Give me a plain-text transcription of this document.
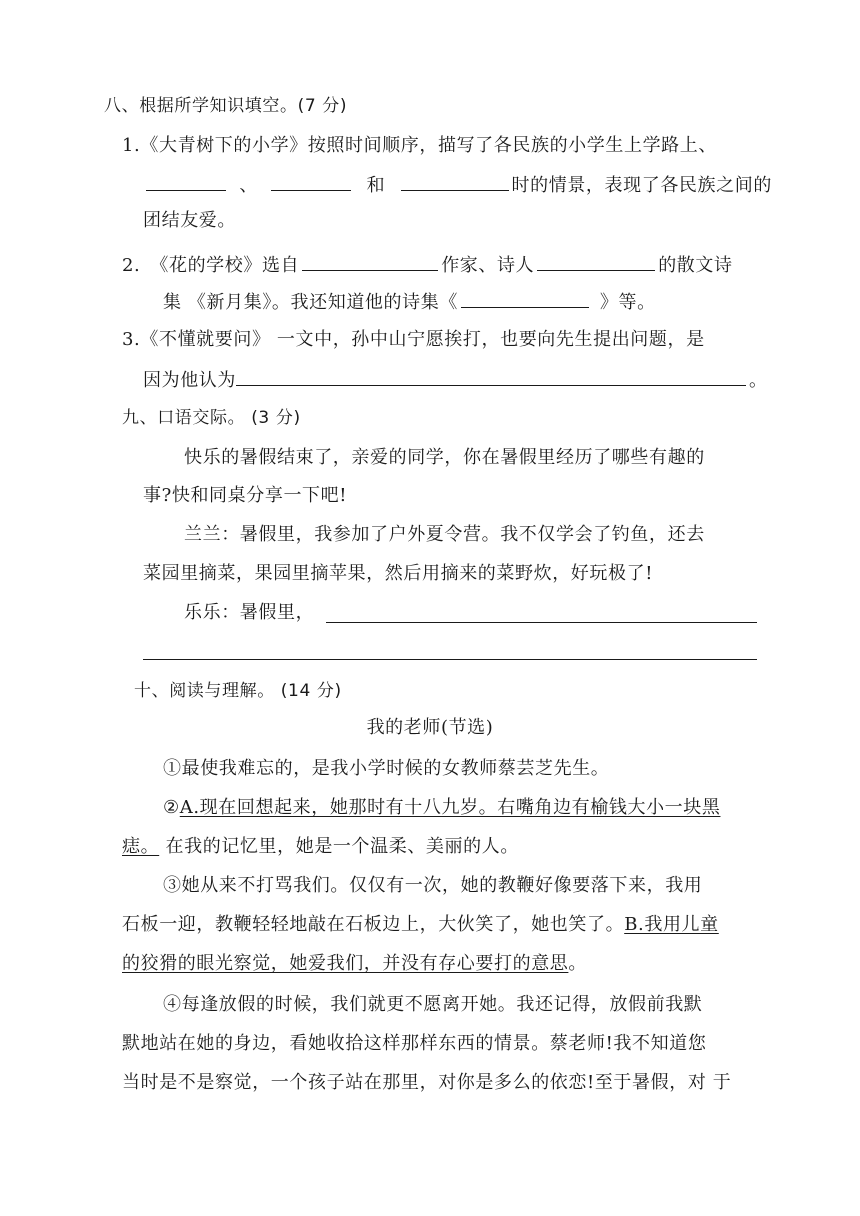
八、根据所学知识填空。(7 分)
1.《大青树下的小学》按照时间顺序，描写了各民族的小学生上学路上、
、	和	时的情景，表现了各民族之间的
团结友爱。
2. 《花的学校》选自	作家、诗人	的散文诗
集 《新月集》。我还知道他的诗集《	》等。
3.《不懂就要问》 一文中，孙中山宁愿挨打，也要向先生提出问题，是
因为他认为	。
九、口语交际。 (3 分)
快乐的暑假结束了，亲爱的同学，你在暑假里经历了哪些有趣的
事?快和同桌分享一下吧!
兰兰：暑假里，我参加了户外夏令营。我不仅学会了钓鱼，还去
菜园里摘菜，果园里摘苹果，然后用摘来的菜野炊，好玩极了!
乐乐：暑假里，
十、阅读与理解。 (14 分)
我的老师(节选)
①最使我难忘的，是我小学时候的女教师蔡芸芝先生。
②A.现在回想起来，她那时有十八九岁。右嘴角边有榆钱大小一块黑
痣。 在我的记忆里，她是一个温柔、美丽的人。
③她从来不打骂我们。仅仅有一次，她的教鞭好像要落下来，我用
石板一迎，教鞭轻轻地敲在石板边上，大伙笑了，她也笑了。B.我用儿童
的狡猾的眼光察觉，她爱我们，并没有存心要打的意思。
④每逢放假的时候，我们就更不愿离开她。我还记得，放假前我默
默地站在她的身边，看她收拾这样那样东西的情景。蔡老师!我不知道您
当时是不是察觉，一个孩子站在那里，对你是多么的依恋!至于暑假，对 于
